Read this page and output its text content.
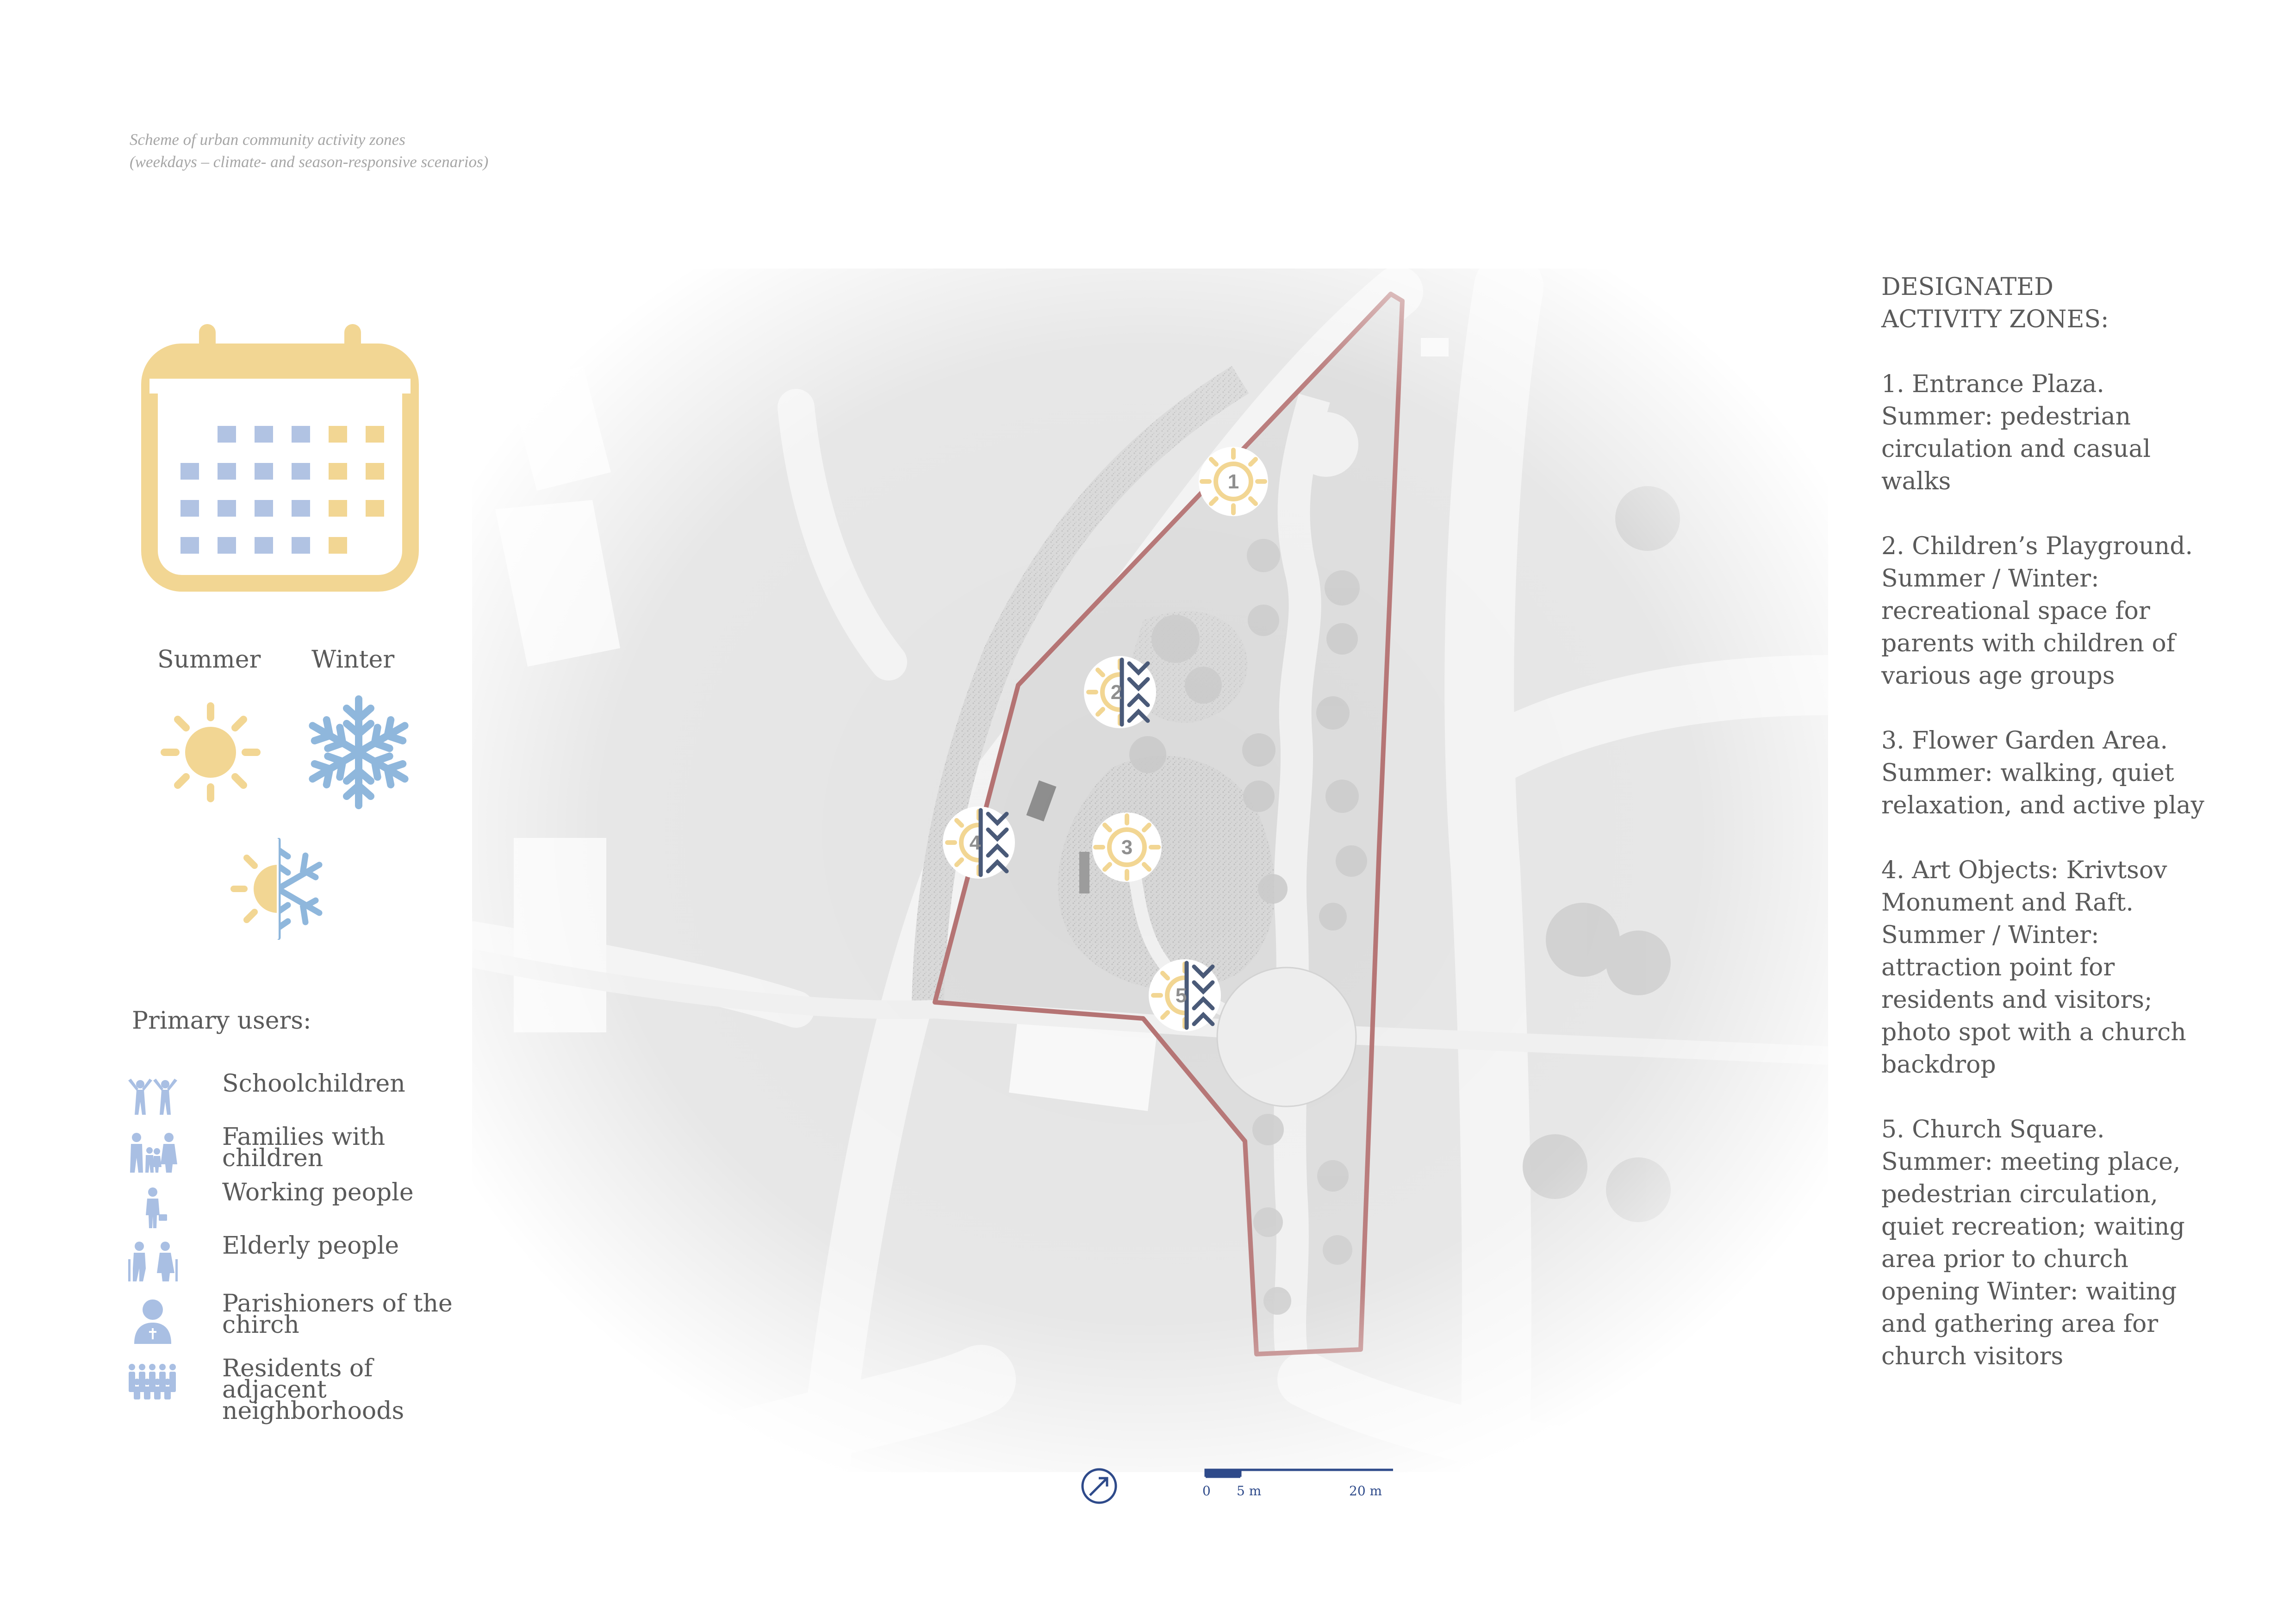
Scheme of urban community activity zones
(weekdays – climate- and season-responsive scenarios)
Summer Winter
Primary users:
Schoolchildren
Families with children
Working people
Elderly people
Parishioners of the chirch
Residents of adjacent neighborhoods
1
2
3
4
5
0 5 m	20 m
DESIGNATED
ACTIVITY ZONES:
1. Entrance Plaza. Summer: pedestrian circulation and casual walks
2. Children’s Playground. Summer / Winter: recreational space for parents with children of various age groups
3. Flower Garden Area. Summer: walking, quiet relaxation, and active play
4. Art Objects: Krivtsov Monument and Raft. Summer / Winter: attraction point for residents and visitors; photo spot with a church backdrop
5. Church Square. Summer: meeting place, pedestrian circulation, quiet recreation; waiting area prior to church opening Winter: waiting and gathering area for church visitors
